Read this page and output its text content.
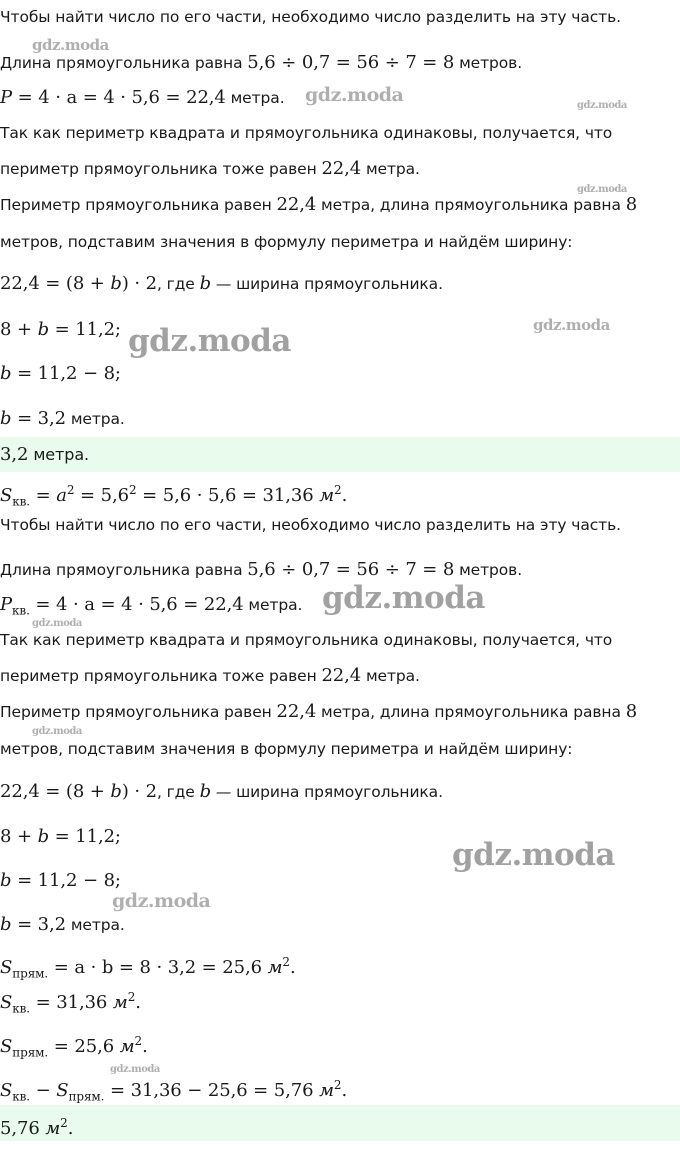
Чтобы найти число по его части, необходимо число разделить на эту часть.
Длина прямоугольника равна 5,6 ÷ 0,7 = 56 ÷ 7 = 8 метров.
P = 4 · a = 4 · 5,6 = 22,4 метра.
Так как периметр квадрата и прямоугольника одинаковы, получается, что
периметр прямоугольника тоже равен 22,4 метра.
Периметр прямоугольника равен 22,4 метра, длина прямоугольника равна 8
метров, подставим значения в формулу периметра и найдём ширину:
22,4 = (8 + b) · 2, где b — ширина прямоугольника.
8 + b = 11,2;
b = 11,2 − 8;
b = 3,2 метра.
3,2 метра.
$S_{кв.} = a^2 = 5,6^2 = 5,6 \cdot 5,6 = 31,36$ $м^2$.
Чтобы найти число по его части, необходимо число разделить на эту часть.
Длина прямоугольника равна 5,6 ÷ 0,7 = 56 ÷ 7 = 8 метров.
$P_{кв.} = 4 \cdot a = 4 \cdot 5,6 = 22,4$ метра.
Так как периметр квадрата и прямоугольника одинаковы, получается, что
периметр прямоугольника тоже равен 22,4 метра.
Периметр прямоугольника равен 22,4 метра, длина прямоугольника равна 8
метров, подставим значения в формулу периметра и найдём ширину:
22,4 = (8 + b) · 2, где b — ширина прямоугольника.
8 + b = 11,2;
b = 11,2 − 8;
b = 3,2 метра.
$S_{прям.} = a \cdot b = 8 \cdot 3,2 = 25,6$ $м^2$.
$S_{кв.} = 31,36$ $м^2$.
$S_{прям.} = 25,6$ $м^2$.
$S_{кв.} - S_{прям.} = 31,36 - 25,6 = 5,76$ $м^2$.
5,76 $м^2$.
gdz.moda
gdz.moda	gdz.moda
gdz.moda
gdz.moda
gdz.moda
gdz.moda
gdz.moda
gdz.moda
gdz.moda
gdz.moda
gdz.moda
